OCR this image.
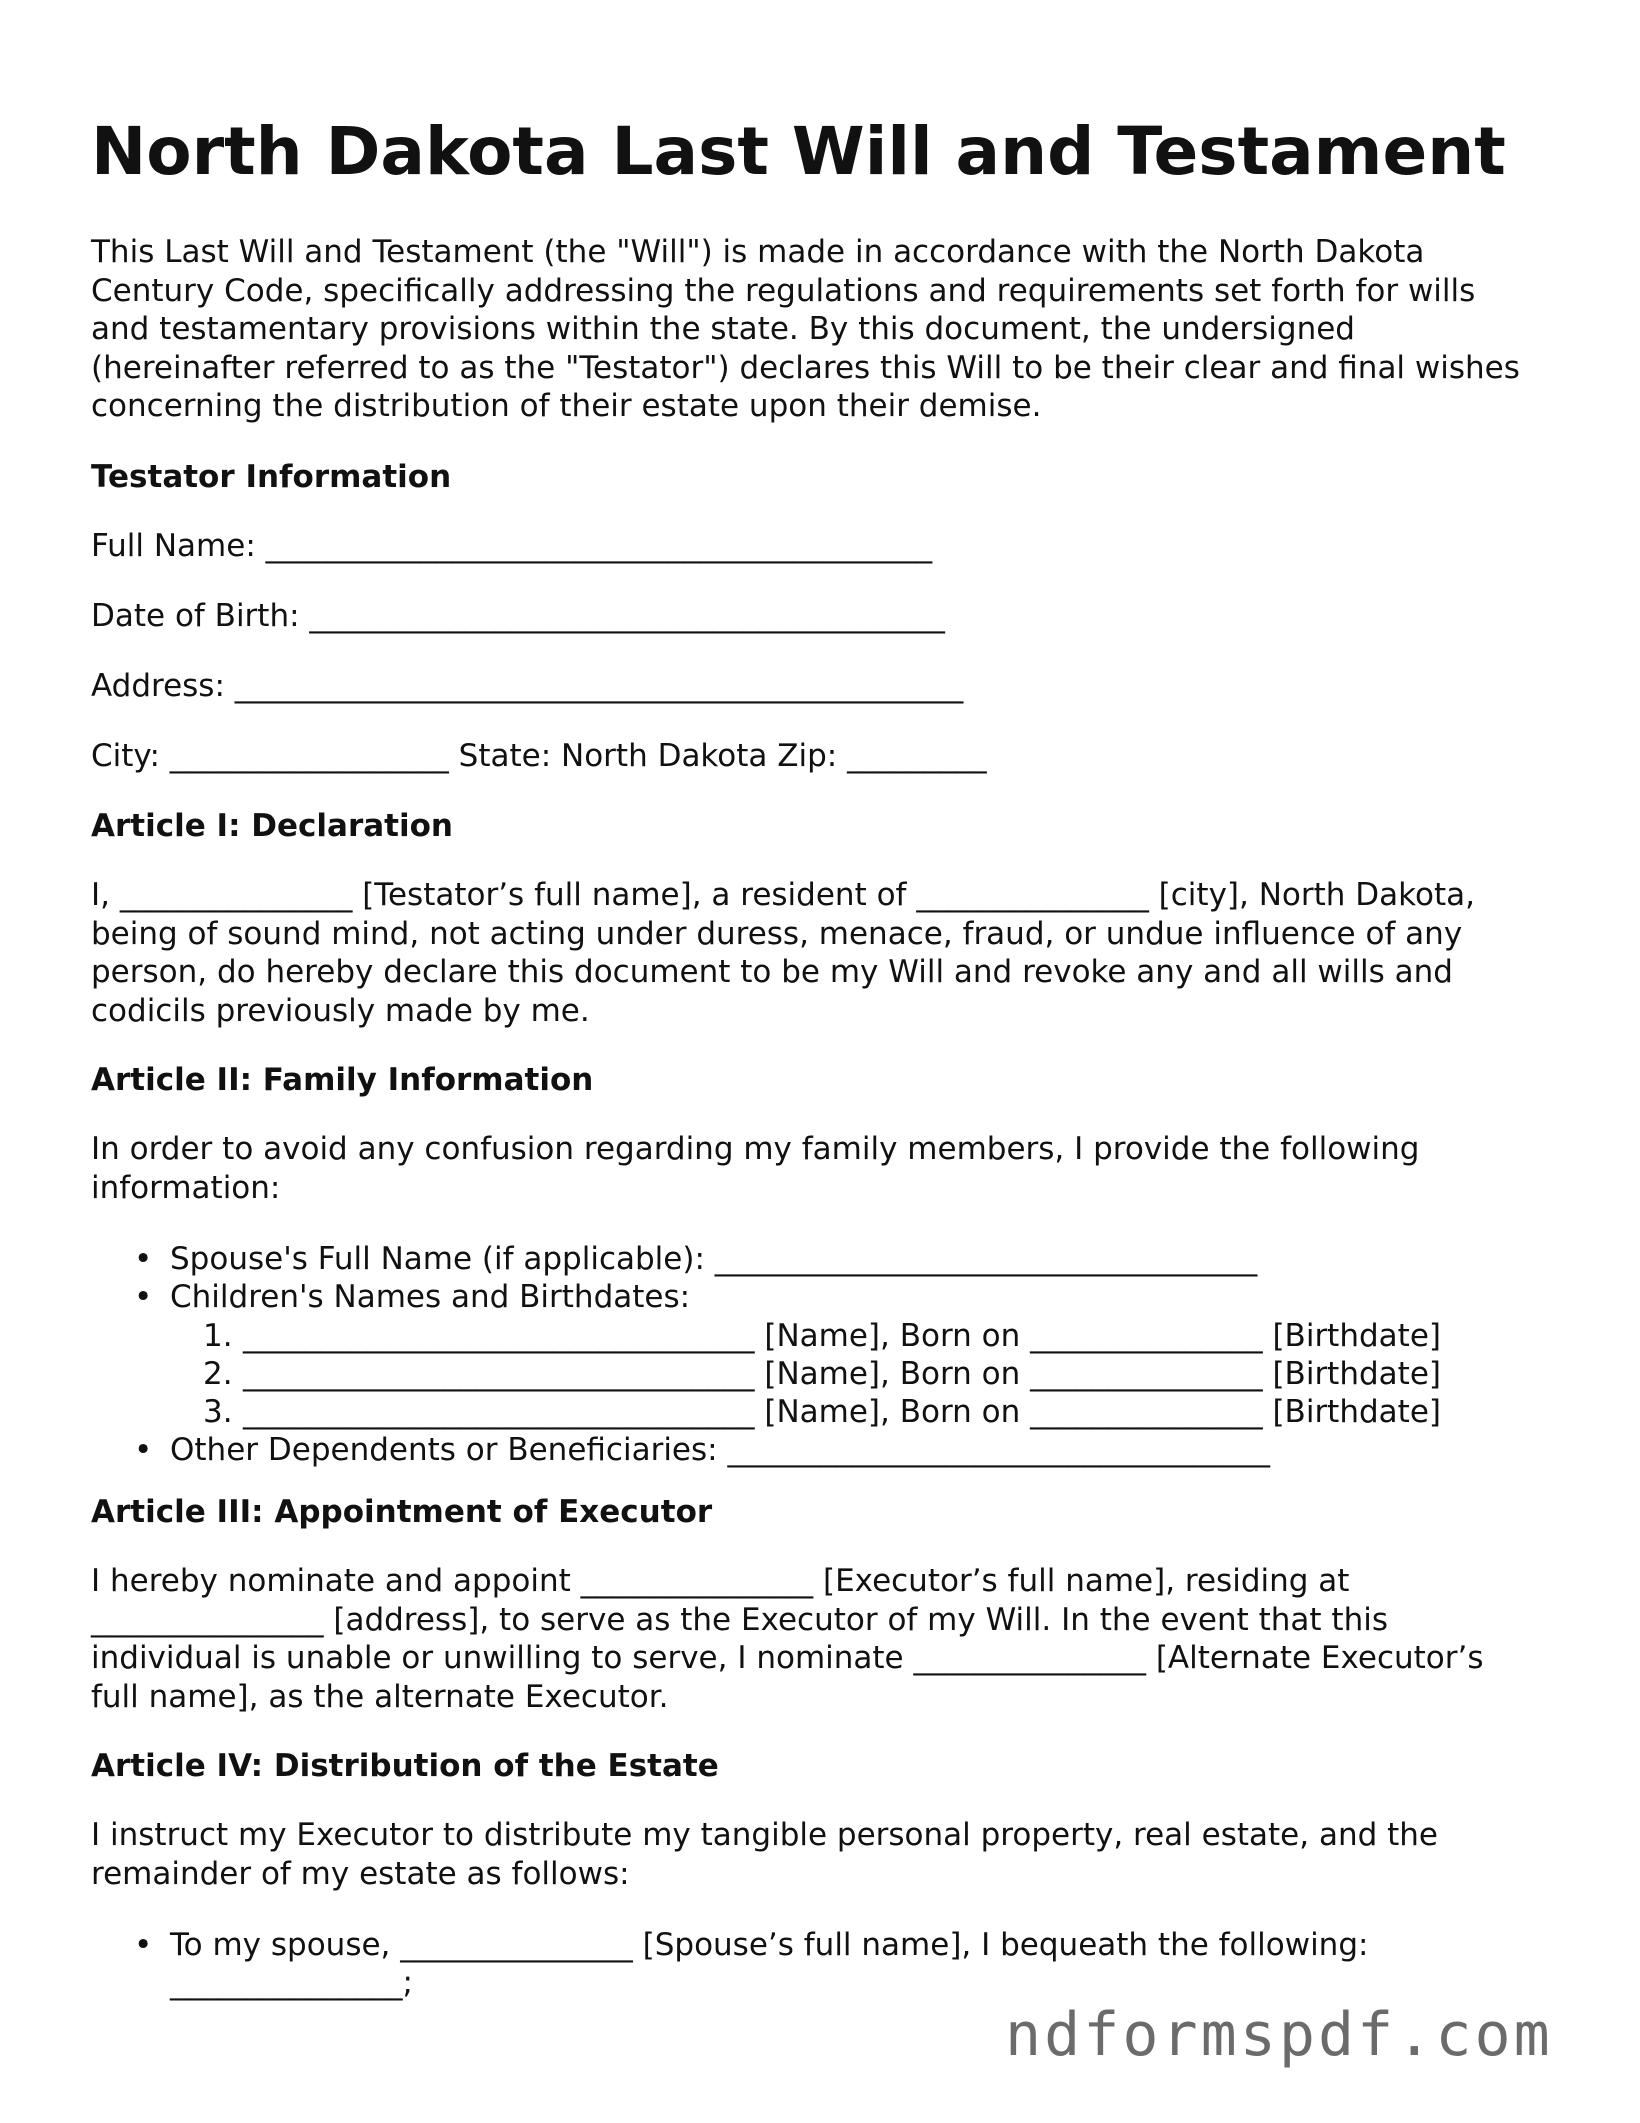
North Dakota Last Will and Testament

This Last Will and Testament (the "Will") is made in accordance with the North Dakota Century Code, specifically addressing the regulations and requirements set forth for wills and testamentary provisions within the state. By this document, the undersigned (hereinafter referred to as the "Testator") declares this Will to be their clear and final wishes concerning the distribution of their estate upon their demise.

Testator Information

Full Name: ___________________________________________

Date of Birth: _________________________________________

Address: _______________________________________________

City: __________________ State: North Dakota Zip: _________

Article I: Declaration

I, _______________ [Testator’s full name], a resident of _______________ [city], North Dakota, being of sound mind, not acting under duress, menace, fraud, or undue influence of any person, do hereby declare this document to be my Will and revoke any and all wills and codicils previously made by me.

Article II: Family Information

In order to avoid any confusion regarding my family members, I provide the following information:

• Spouse's Full Name (if applicable): ___________________________________
• Children's Names and Birthdates:
1. _________________________________ [Name], Born on _______________ [Birthdate]
2. _________________________________ [Name], Born on _______________ [Birthdate]
3. _________________________________ [Name], Born on _______________ [Birthdate]
• Other Dependents or Beneficiaries: ___________________________________

Article III: Appointment of Executor

I hereby nominate and appoint _______________ [Executor’s full name], residing at _______________ [address], to serve as the Executor of my Will. In the event that this individual is unable or unwilling to serve, I nominate _______________ [Alternate Executor’s full name], as the alternate Executor.

Article IV: Distribution of the Estate

I instruct my Executor to distribute my tangible personal property, real estate, and the remainder of my estate as follows:

• To my spouse, _______________ [Spouse’s full name], I bequeath the following: _______________;
ndformspdf.com
